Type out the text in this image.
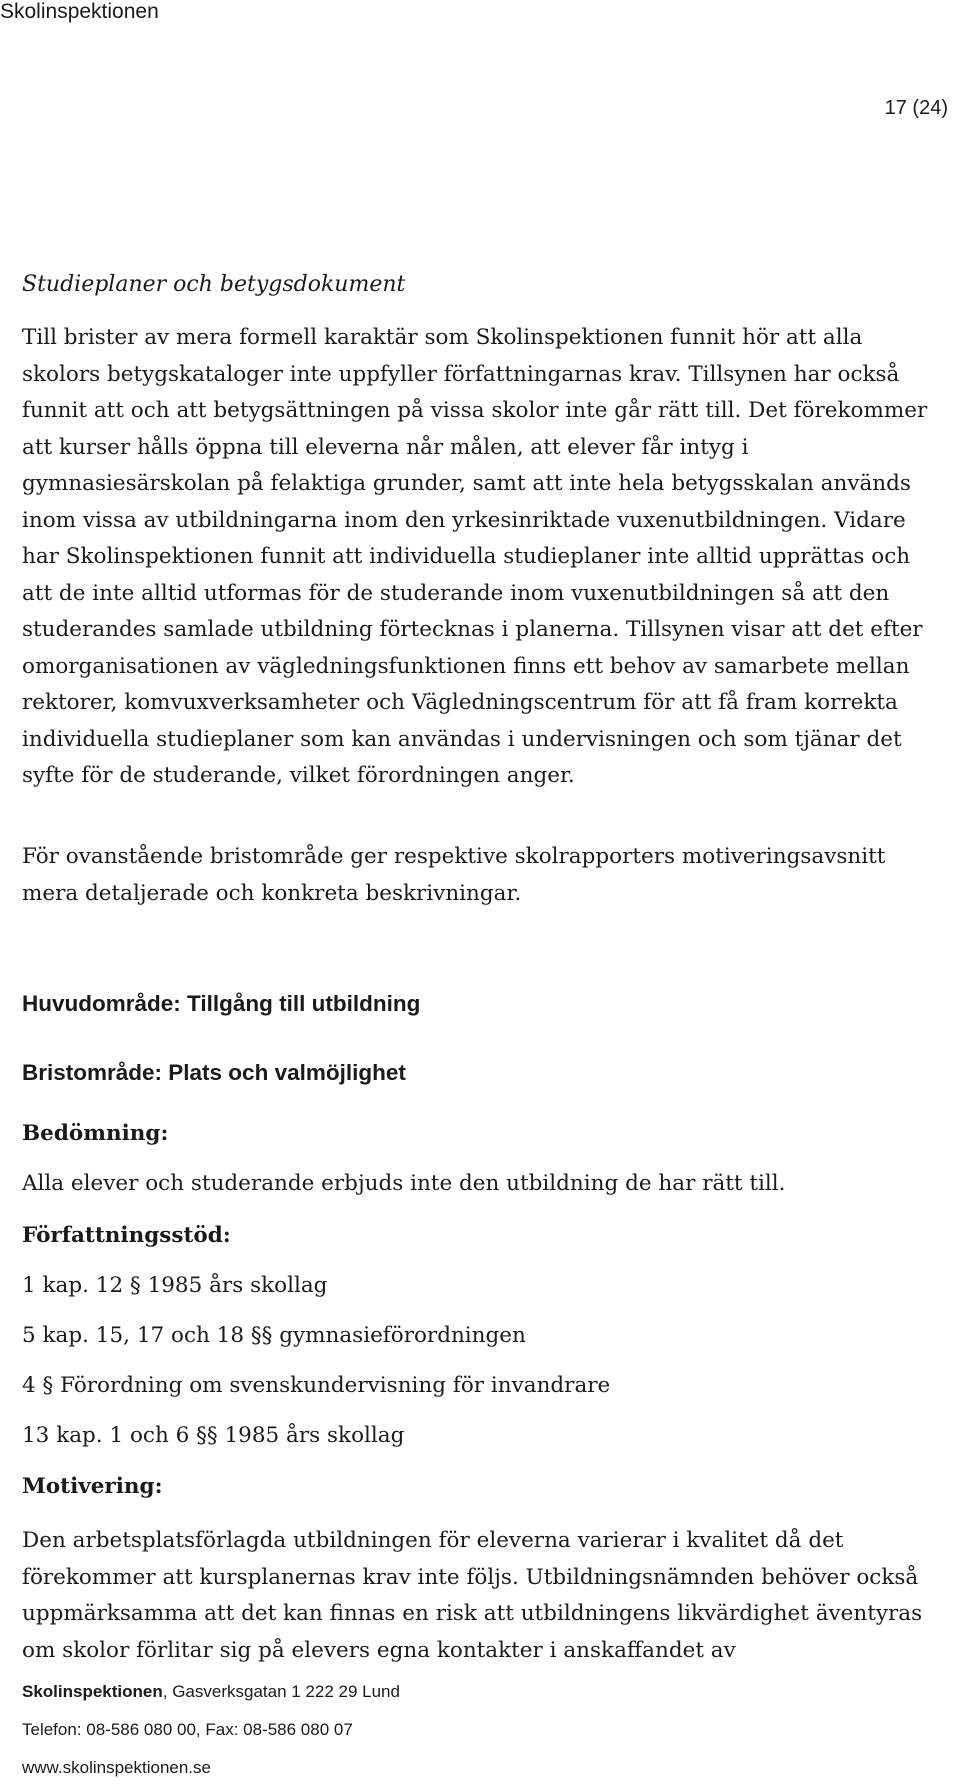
Skolinspektionen
17 (24)
Studieplaner och betygsdokument

Till brister av mera formell karaktär som Skolinspektionen funnit hör att alla skolors betygskataloger inte uppfyller författningarnas krav. Tillsynen har också funnit att och att betygsättningen på vissa skolor inte går rätt till. Det förekommer att kurser hålls öppna till eleverna når målen, att elever får intyg i gymnasiesärskolan på felaktiga grunder, samt att inte hela betygsskalan används inom vissa av utbildningarna inom den yrkesinriktade vuxenutbildningen. Vidare har Skolinspektionen funnit att individuella studieplaner inte alltid upprättas och att de inte alltid utformas för de studerande inom vuxenutbildningen så att den studerandes samlade utbildning förtecknas i planerna. Tillsynen visar att det efter omorganisationen av vägledningsfunktionen finns ett behov av samarbete mellan rektorer, komvuxverksamheter och Vägledningscentrum för att få fram korrekta individuella studieplaner som kan användas i undervisningen och som tjänar det syfte för de studerande, vilket förordningen anger.

För ovanstående bristområde ger respektive skolrapporters motiveringsavsnitt mera detaljerade och konkreta beskrivningar.

Huvudområde: Tillgång till utbildning
Bristområde: Plats och valmöjlighet
Bedömning:
Alla elever och studerande erbjuds inte den utbildning de har rätt till.
Författningsstöd:
1 kap. 12 § 1985 års skollag
5 kap. 15, 17 och 18 §§ gymnasieförordningen
4 § Förordning om svenskundervisning för invandrare
13 kap. 1 och 6 §§ 1985 års skollag
Motivering:

Den arbetsplatsförlagda utbildningen för eleverna varierar i kvalitet då det förekommer att kursplanernas krav inte följs. Utbildningsnämnden behöver också uppmärksamma att det kan finnas en risk att utbildningens likvärdighet äventyras om skolor förlitar sig på elevers egna kontakter i anskaffandet av

Skolinspektionen, Gasverksgatan 1 222 29 Lund
Telefon: 08-586 080 00, Fax: 08-586 080 07
www.skolinspektionen.se
